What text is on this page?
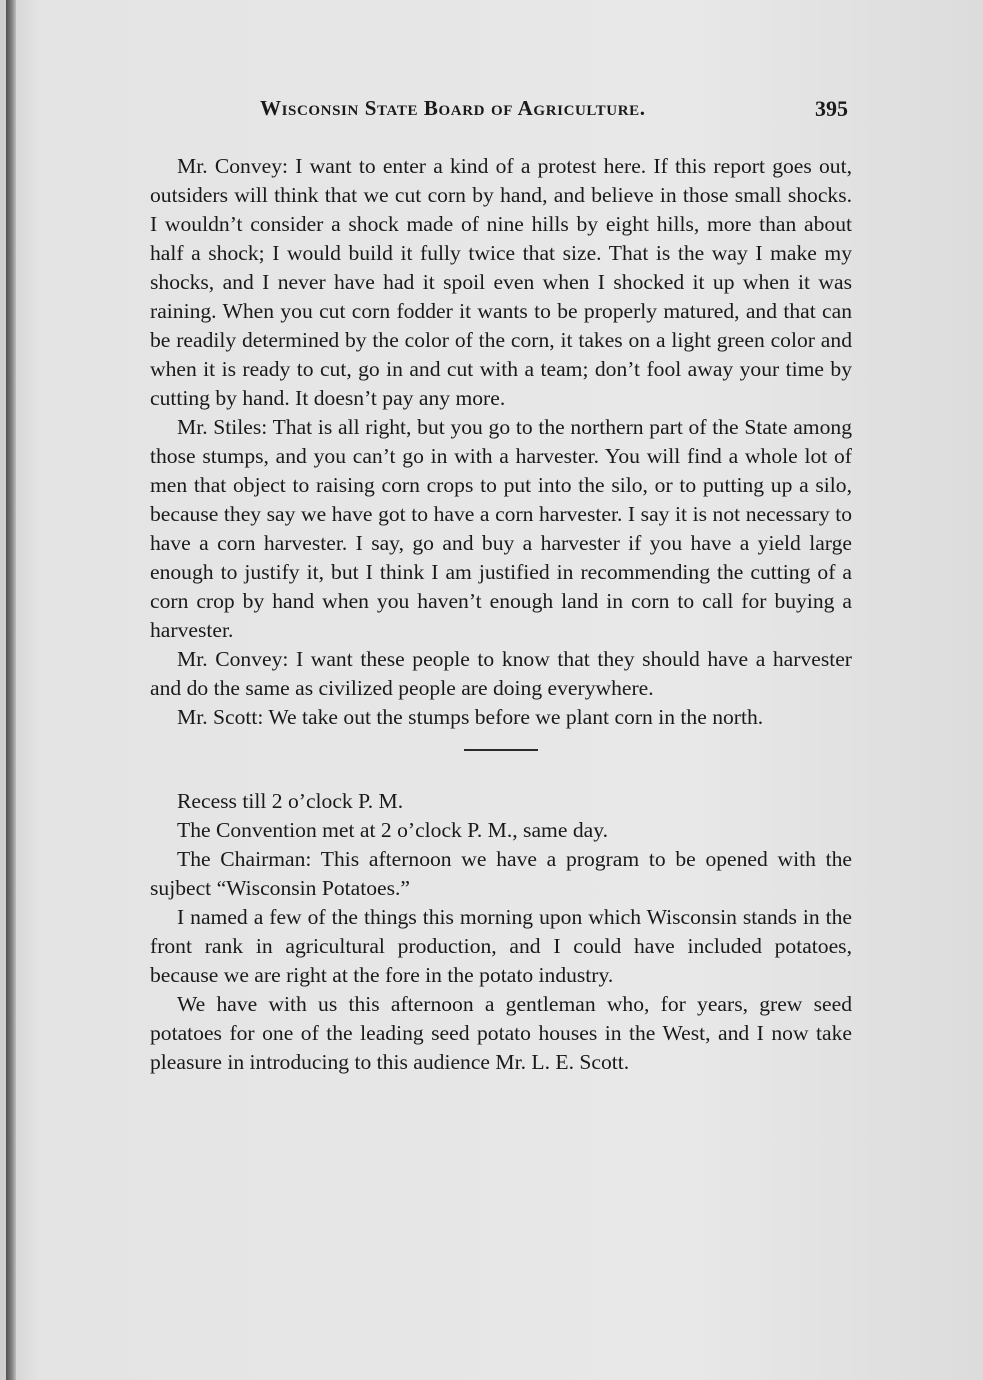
Wisconsin State Board of Agriculture.	395

Mr. Convey: I want to enter a kind of a protest here. If this report goes out, outsiders will think that we cut corn by hand, and believe in those small shocks. I wouldn’t consider a shock made of nine hills by eight hills, more than about half a shock; I would build it fully twice that size. That is the way I make my shocks, and I never have had it spoil even when I shocked it up when it was raining. When you cut corn fodder it wants to be properly matured, and that can be readily determined by the color of the corn, it takes on a light green color and when it is ready to cut, go in and cut with a team; don’t fool away your time by cutting by hand. It doesn’t pay any more.

Mr. Stiles: That is all right, but you go to the northern part of the State among those stumps, and you can’t go in with a harvester. You will find a whole lot of men that object to raising corn crops to put into the silo, or to putting up a silo, because they say we have got to have a corn harvester. I say it is not necessary to have a corn harvester. I say, go and buy a harvester if you have a yield large enough to justify it, but I think I am justified in recommending the cutting of a corn crop by hand when you haven’t enough land in corn to call for buying a harvester.

Mr. Convey: I want these people to know that they should have a harvester and do the same as civilized people are doing everywhere.

Mr. Scott: We take out the stumps before we plant corn in the north.

Recess till 2 o’clock P. M.

The Convention met at 2 o’clock P. M., same day.

The Chairman: This afternoon we have a program to be opened with the sujbect “Wisconsin Potatoes.”

I named a few of the things this morning upon which Wisconsin stands in the front rank in agricultural production, and I could have included potatoes, because we are right at the fore in the potato industry.

We have with us this afternoon a gentleman who, for years, grew seed potatoes for one of the leading seed potato houses in the West, and I now take pleasure in introducing to this audience Mr. L. E. Scott.
